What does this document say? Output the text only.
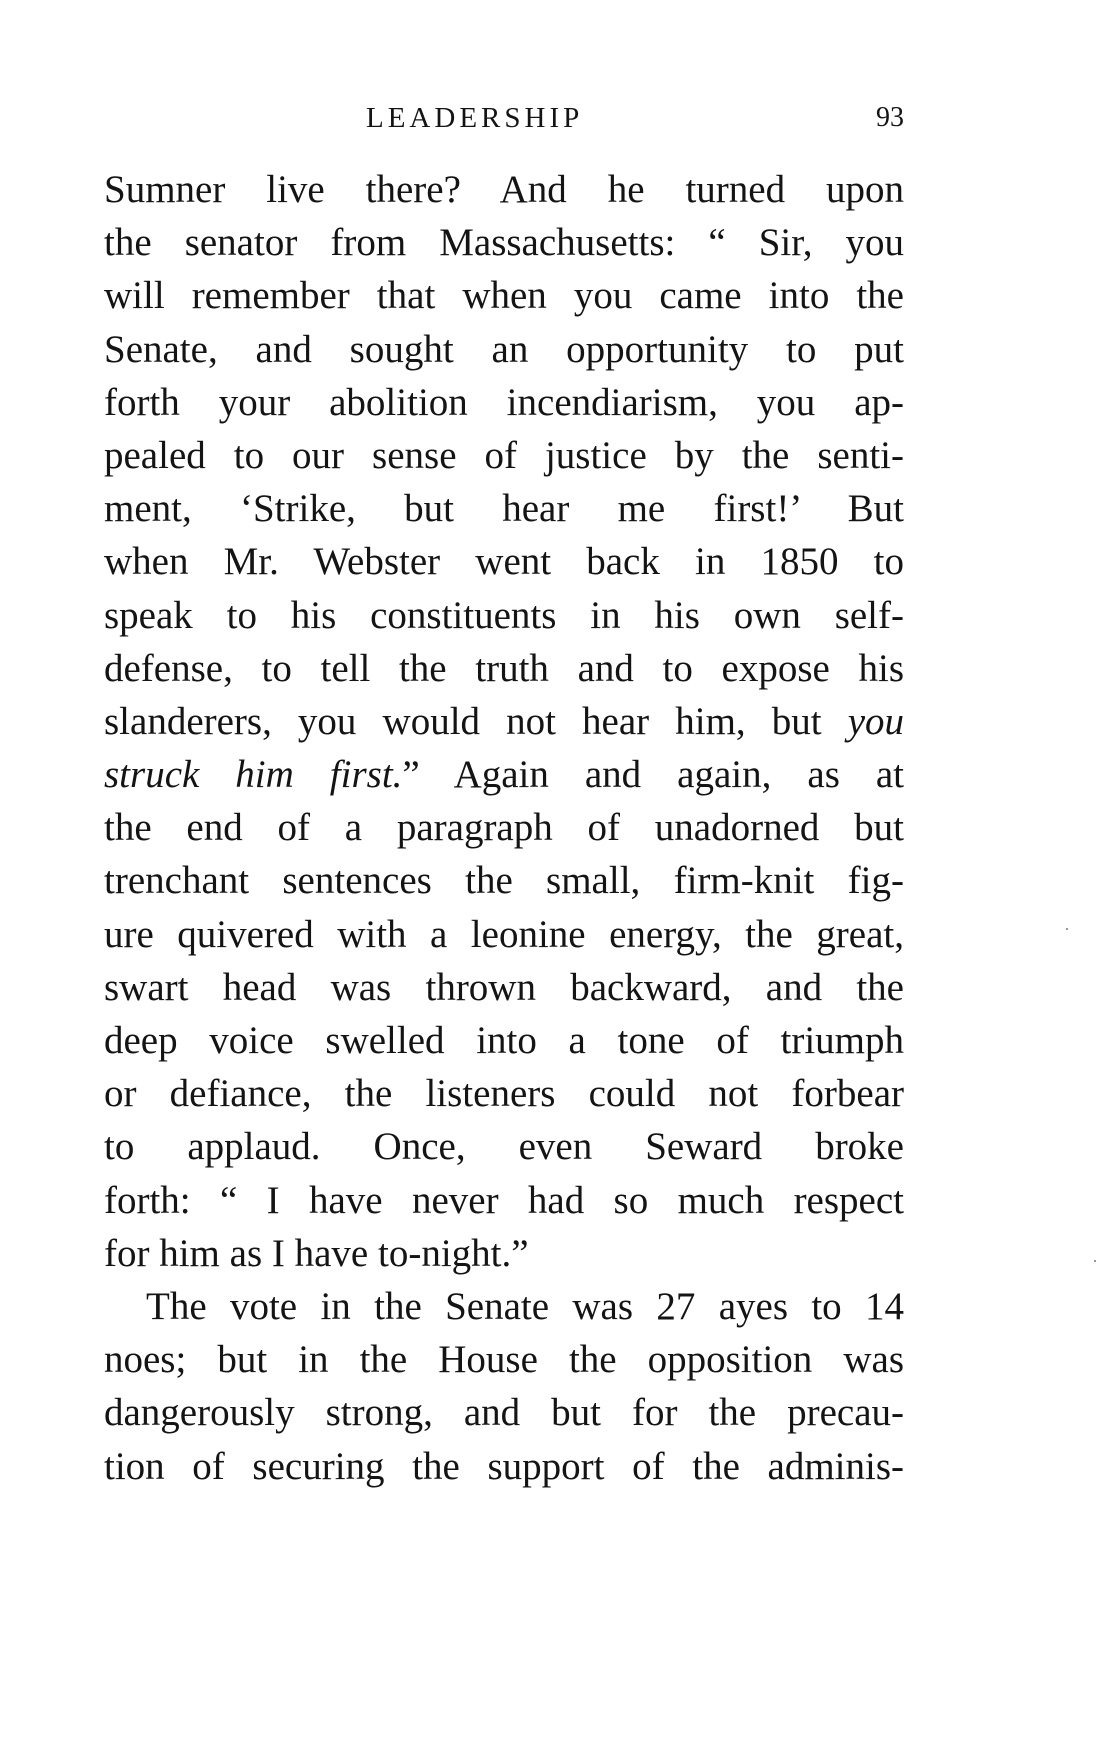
LEADERSHIP	93
Sumner live there? And he turned upon
the senator from Massachusetts: “ Sir, you
will remember that when you came into the
Senate, and sought an opportunity to put
forth your abolition incendiarism, you ap-
pealed to our sense of justice by the senti-
ment, ‘Strike, but hear me first!’ But
when Mr. Webster went back in 1850 to
speak to his constituents in his own self-
defense, to tell the truth and to expose his
slanderers, you would not hear him, but you
struck him first.” Again and again, as at
the end of a paragraph of unadorned but
trenchant sentences the small, firm-knit fig-
ure quivered with a leonine energy, the great,
swart head was thrown backward, and the
deep voice swelled into a tone of triumph
or defiance, the listeners could not forbear
to applaud. Once, even Seward broke
forth: “ I have never had so much respect
for him as I have to-night.”
The vote in the Senate was 27 ayes to 14
noes; but in the House the opposition was
dangerously strong, and but for the precau-
tion of securing the support of the adminis-
